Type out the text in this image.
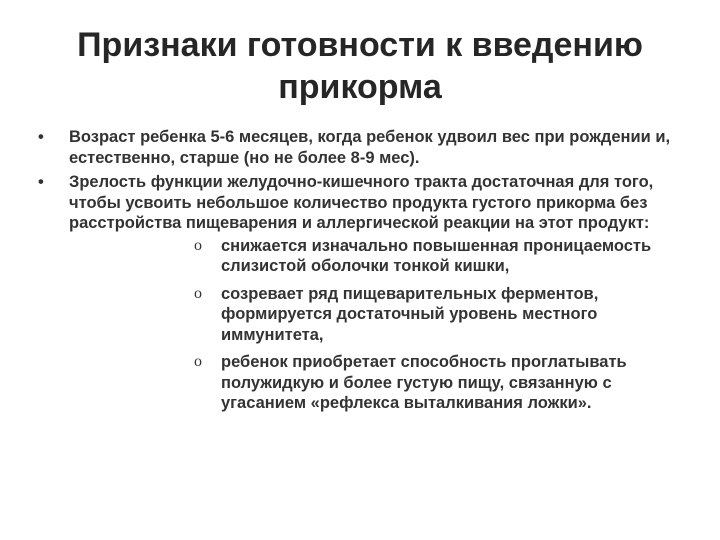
Признаки готовности к введению
прикорма
• Возраст ребенка 5-6 месяцев, когда ребенок удвоил вес при рождении и, естественно, старше (но не более 8-9 мес).
• Зрелость функции желудочно-кишечного тракта достаточная для того, чтобы усвоить небольшое количество продукта густого прикорма без расстройства пищеварения и аллергической реакции на этот продукт:
o снижается изначально повышенная проницаемость слизистой оболочки тонкой кишки,
o созревает ряд пищеварительных ферментов, формируется достаточный уровень местного иммунитета,
o ребенок приобретает способность проглатывать полужидкую и более густую пищу, связанную с угасанием «рефлекса выталкивания ложки».
